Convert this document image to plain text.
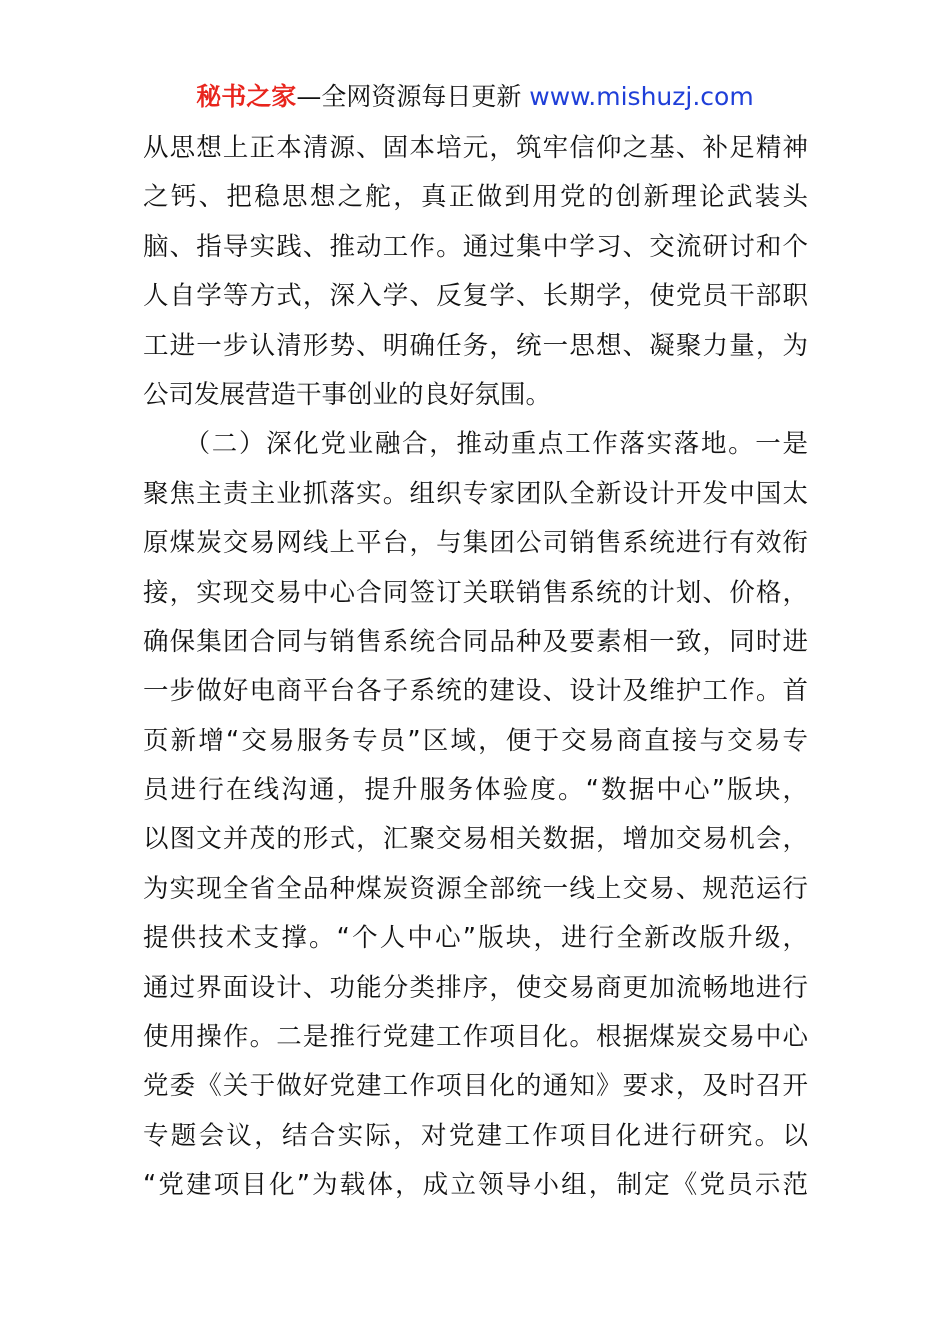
秘书之家—全网资源每日更新 www.mishuzj.com
从思想上正本清源、固本培元，筑牢信仰之基、补足精神
之钙、把稳思想之舵，真正做到用党的创新理论武装头
脑、指导实践、推动工作。通过集中学习、交流研讨和个
人自学等方式，深入学、反复学、长期学，使党员干部职
工进一步认清形势、明确任务，统一思想、凝聚力量，为
公司发展营造干事创业的良好氛围。
　　（二）深化党业融合，推动重点工作落实落地。一是
聚焦主责主业抓落实。组织专家团队全新设计开发中国太
原煤炭交易网线上平台，与集团公司销售系统进行有效衔
接，实现交易中心合同签订关联销售系统的计划、价格，
确保集团合同与销售系统合同品种及要素相一致，同时进
一步做好电商平台各子系统的建设、设计及维护工作。首
页新增“交易服务专员”区域，便于交易商直接与交易专
员进行在线沟通，提升服务体验度。“数据中心”版块，
以图文并茂的形式，汇聚交易相关数据，增加交易机会，
为实现全省全品种煤炭资源全部统一线上交易、规范运行
提供技术支撑。“个人中心”版块，进行全新改版升级，
通过界面设计、功能分类排序，使交易商更加流畅地进行
使用操作。二是推行党建工作项目化。根据煤炭交易中心
党委《关于做好党建工作项目化的通知》要求，及时召开
专题会议，结合实际，对党建工作项目化进行研究。以
“党建项目化”为载体，成立领导小组，制定《党员示范
